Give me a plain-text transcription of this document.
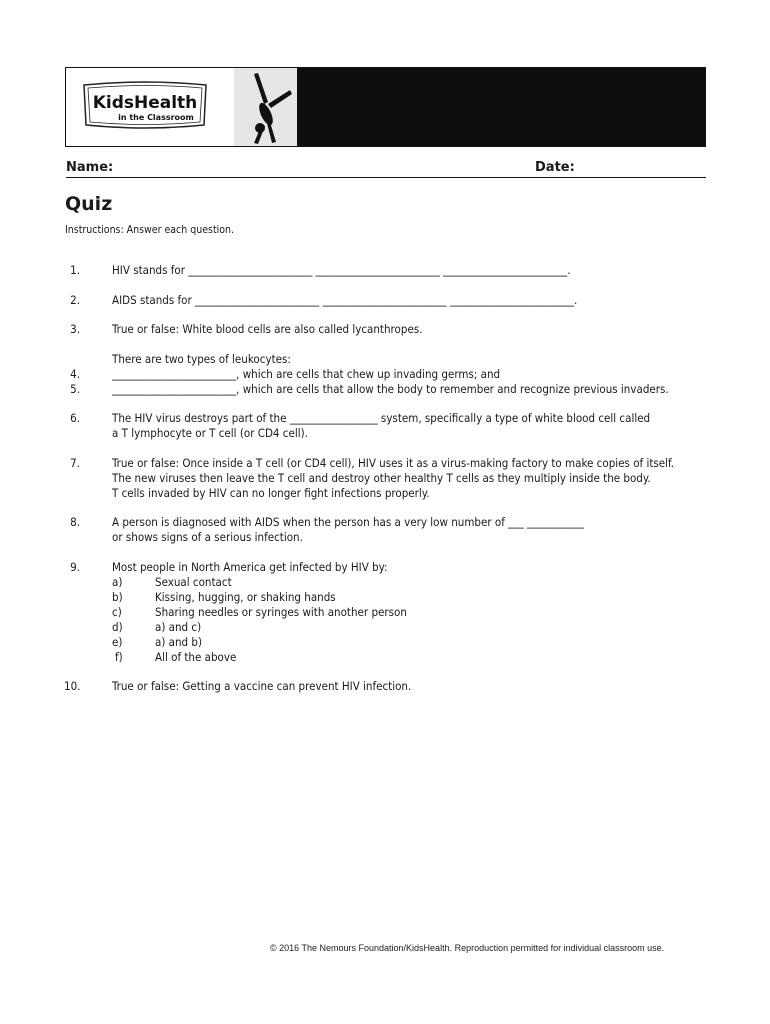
KidsHealth
in the Classroom
Name:	Date:
Quiz
Instructions: Answer each question.
1.	HIV stands for ________________________ ________________________ ________________________.
2.	AIDS stands for ________________________ ________________________ ________________________.
3.	True or false: White blood cells are also called lycanthropes.
There are two types of leukocytes:
4.	________________________, which are cells that chew up invading germs; and
5.	________________________, which are cells that allow the body to remember and recognize previous invaders.
6.	The HIV virus destroys part of the _________________ system, specifically a type of white blood cell called
a T lymphocyte or T cell (or CD4 cell).
7.	True or false: Once inside a T cell (or CD4 cell), HIV uses it as a virus-making factory to make copies of itself.
The new viruses then leave the T cell and destroy other healthy T cells as they multiply inside the body.
T cells invaded by HIV can no longer fight infections properly.
8.	A person is diagnosed with AIDS when the person has a very low number of ___ ___________
or shows signs of a serious infection.
9.	Most people in North America get infected by HIV by:
a)	Sexual contact
b)	Kissing, hugging, or shaking hands
c)	Sharing needles or syringes with another person
d)	a) and c)
e)	a) and b)
f)	All of the above
10.	True or false: Getting a vaccine can prevent HIV infection.
© 2016 The Nemours Foundation/KidsHealth. Reproduction permitted for individual classroom use.
